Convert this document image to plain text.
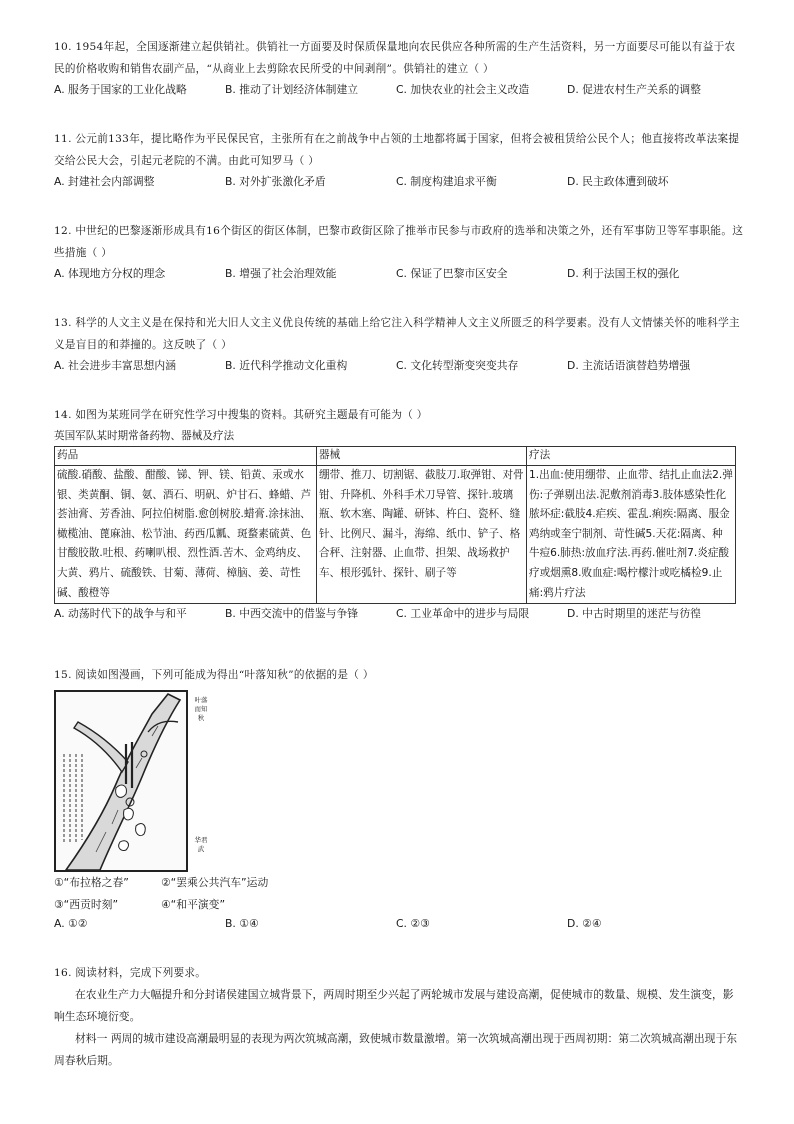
10. 1954年起，全国逐渐建立起供销社。供销社一方面要及时保质保量地向农民供应各种所需的生产生活资料，另一方面要尽可能以有益于农民的价格收购和销售农副产品，“从商业上去剪除农民所受的中间剥削”。供销社的建立（ ）

A. 服务于国家的工业化战略	B. 推动了计划经济体制建立	C. 加快农业的社会主义改造	D. 促进农村生产关系的调整

11. 公元前133年，提比略作为平民保民官，主张所有在之前战争中占领的土地都将属于国家，但将会被租赁给公民个人；他直接将改革法案提交给公民大会，引起元老院的不满。由此可知罗马（ ）

A. 封建社会内部调整	B. 对外扩张激化矛盾	C. 制度构建追求平衡	D. 民主政体遭到破坏

12. 中世纪的巴黎逐渐形成具有16个街区的街区体制，巴黎市政街区除了推举市民参与市政府的选举和决策之外，还有军事防卫等军事职能。这些措施（ ）

A. 体现地方分权的理念	B. 增强了社会治理效能	C. 保证了巴黎市区安全	D. 利于法国王权的强化

13. 科学的人文主义是在保持和光大旧人文主义优良传统的基础上给它注入科学精神人文主义所匮乏的科学要素。没有人文情愫关怀的唯科学主义是盲目的和莽撞的。这反映了（ ）

A. 社会进步丰富思想内涵	B. 近代科学推动文化重构	C. 文化转型渐变突变共存	D. 主流话语演替趋势增强

14. 如图为某班同学在研究性学习中搜集的资料。其研究主题最有可能为（ ）

英国军队某时期常备药物、器械及疗法

药品	器械	疗法
硫酸.硝酸、盐酸、酣酸、锑、钾、镁、铅黄、汞或水银、类黄酮、铜、氨、酒石、明矾、炉甘石、蜂蜡、芦荟油膏、芳香油、阿拉伯树脂.愈创树胶.蜡膏.涂抹油、橄榄油、蓖麻油、松节油、药西瓜瓤、斑蝥素硫黄、色甘酸胶散.吐根、药喇叭根、烈性酒.苦木、金鸡纳皮、大黄、鸦片、硫酸铁、甘菊、薄荷、樟脑、姜、苛性碱、酸橙等	绷带、推刀、切割锯、截肢刀.取弹钳、对骨钳、升降机、外科手术刀导管、探针.玻璃瓶、软木塞、陶罐、研钵、杵臼、瓷杯、缝针、比例尺、漏斗，海绵、纸巾、铲子、格合秤、注射器、止血带、担架、战场救护车、根形弧针、探针、刷子等	1.出血:使用绷带、止血带、结扎止血法2.弹伤:子弹剔出法.泥敷剂消毒3.肢体感染性化脓坏症:截肢4.疟疾、霍乱.痢疾:隔离、服金鸡纳或奎宁制剂、苛性碱5.天花:隔离、种牛痘6.肺热:放血疗法.再药.催吐剂7.炎症酸疗或烟熏8.败血症:喝柠檬汁或吃橘检9.止痛:鸦片疗法
A. 动荡时代下的战争与和平	B. 中西交流中的借鉴与争锋	C. 工业革命中的进步与局限	D. 中古时期里的迷茫与彷徨

15. 阅读如图漫画，下列可能成为得出“叶落知秋”的依据的是（ ）

叶落而知秋
华君武
①“布拉格之春”	②“罢乘公共汽车”运动
③“西贡时刻”	④“和平演变”
A. ①②	B. ①④	C. ②③	D. ②④

16. 阅读材料，完成下列要求。

在农业生产力大幅提升和分封诸侯建国立城背景下，两周时期至少兴起了两轮城市发展与建设高潮，促使城市的数量、规模、发生演变，影响生态环境衍变。

材料一 两周的城市建设高潮最明显的表现为两次筑城高潮，致使城市数量激增。第一次筑城高潮出现于西周初期：第二次筑城高潮出现于东周春秋后期。
